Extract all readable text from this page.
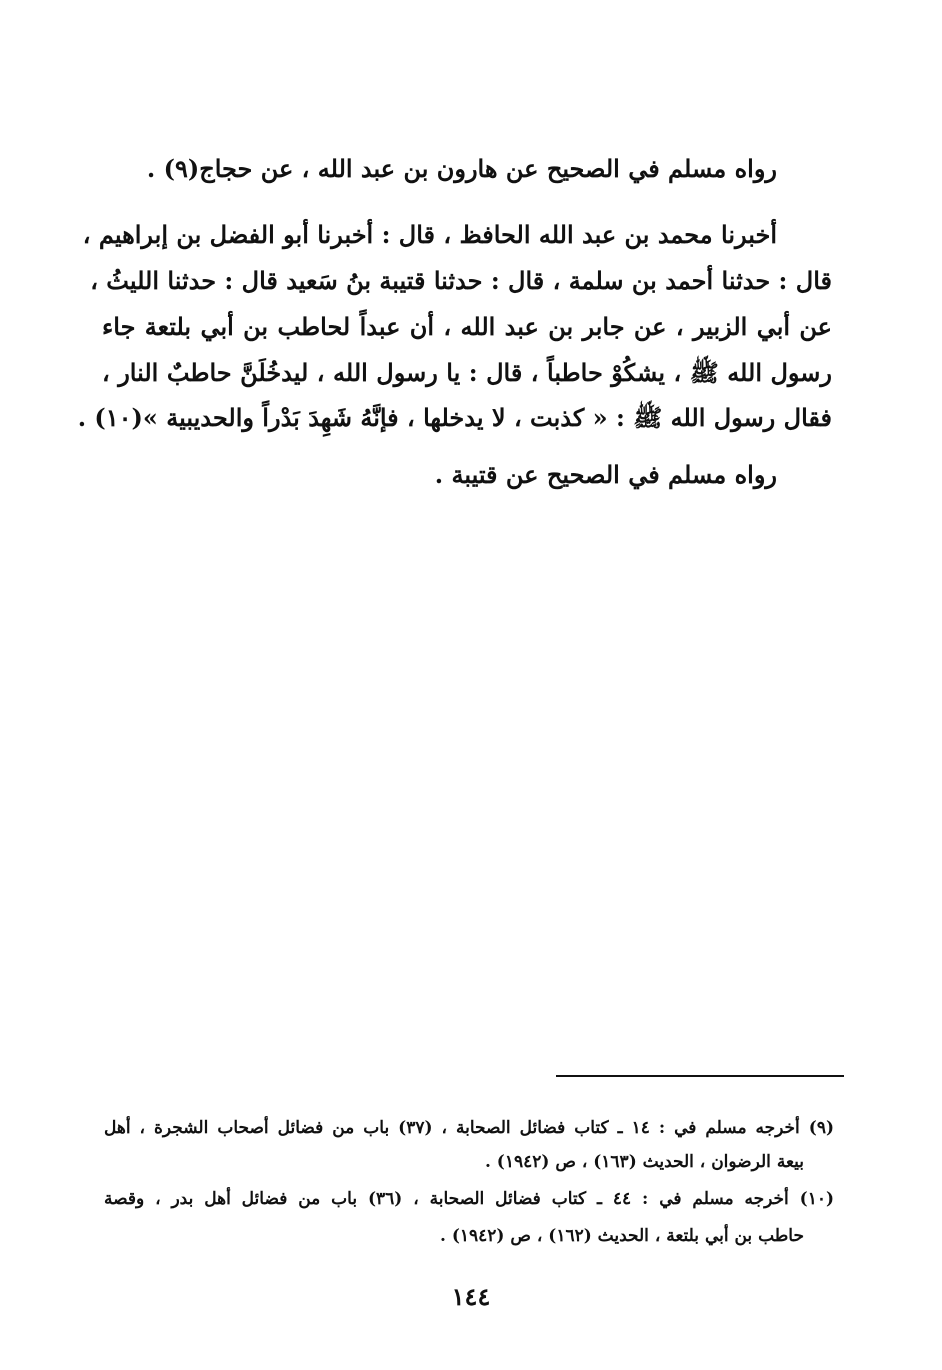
رواه مسلم في الصحيح عن هارون بن عبد الله ، عن حجاج(٩) .

أخبرنا محمد بن عبد الله الحافظ ، قال : أخبرنا أبو الفضل بن إبراهيم ،

قال : حدثنا أحمد بن سلمة ، قال : حدثنا قتيبة بنُ سَعيد قال : حدثنا الليثُ ،

عن أبي الزبير ، عن جابر بن عبد الله ، أن عبداً لحاطب بن أبي بلتعة جاء

رسول الله ﷺ ، يشكُوْ حاطباً ، قال : يا رسول الله ، ليدخُلَنَّ حاطبٌ النار ،

فقال رسول الله ﷺ : « كذبت ، لا يدخلها ، فإنَّهُ شَهِدَ بَدْراً والحديبية »(١٠) .

رواه مسلم في الصحيح عن قتيبة .

(٩) أخرجه مسلم في : ١٤ ـ كتاب فضائل الصحابة ، (٣٧) باب من فضائل أصحاب الشجرة ، أهل

بيعة الرضوان ، الحديث (١٦٣) ، ص (١٩٤٢) .

(١٠) أخرجه مسلم في : ٤٤ ـ كتاب فضائل الصحابة ، (٣٦) باب من فضائل أهل بدر ، وقصة

حاطب بن أبي بلتعة ، الحديث (١٦٢) ، ص (١٩٤٢) .

١٤٤
